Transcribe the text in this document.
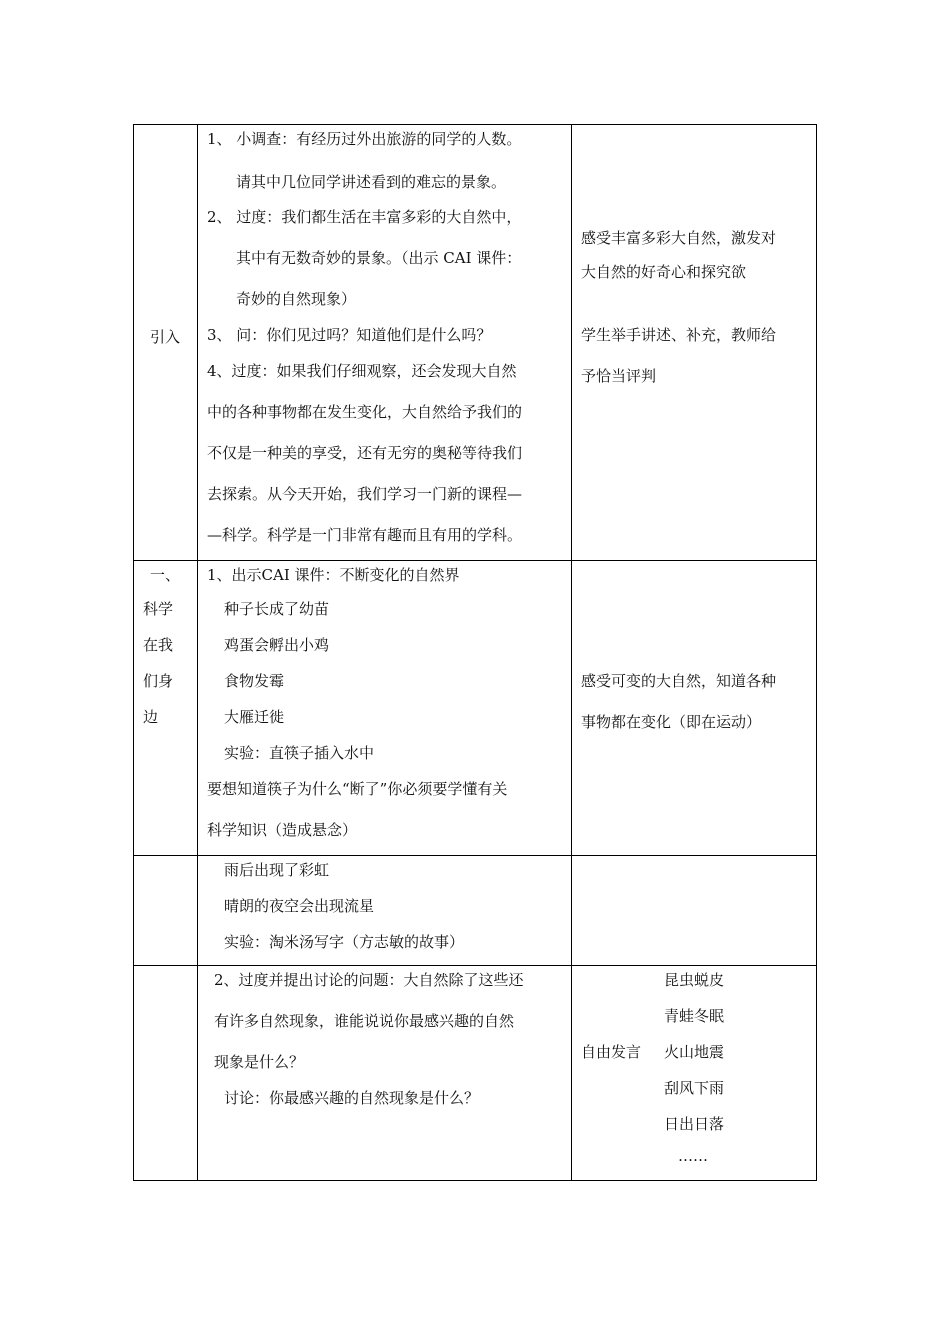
引入
1、 小调查：有经历过外出旅游的同学的人数。
请其中几位同学讲述看到的难忘的景象。
2、 过度：我们都生活在丰富多彩的大自然中，
其中有无数奇妙的景象。（出示 CAI 课件：
奇妙的自然现象）
3、 问：你们见过吗？知道他们是什么吗？
4、过度：如果我们仔细观察，还会发现大自然
中的各种事物都在发生变化，大自然给予我们的
不仅是一种美的享受，还有无穷的奥秘等待我们
去探索。从今天开始，我们学习一门新的课程—
—科学。科学是一门非常有趣而且有用的学科。
感受丰富多彩大自然，激发对
大自然的好奇心和探究欲
学生举手讲述、补充，教师给
予恰当评判
一、
科学
在我
们身
边
1、出示CAI 课件：不断变化的自然界
种子长成了幼苗
鸡蛋会孵出小鸡
食物发霉
大雁迁徙
实验：直筷子插入水中
要想知道筷子为什么“断了”你必须要学懂有关
科学知识（造成悬念）
感受可变的大自然，知道各种
事物都在变化（即在运动）
雨后出现了彩虹
晴朗的夜空会出现流星
实验：淘米汤写字（方志敏的故事）
2、过度并提出讨论的问题：大自然除了这些还
有许多自然现象，谁能说说你最感兴趣的自然
现象是什么？
讨论：你最感兴趣的自然现象是什么？
自由发言
昆虫蜕皮
青蛙冬眠
火山地震
刮风下雨
日出日落
……
